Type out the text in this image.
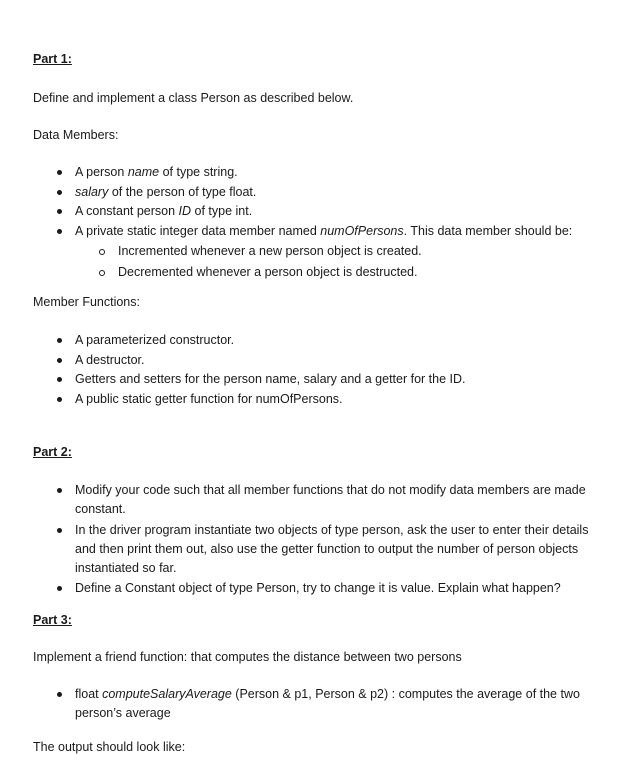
Part 1:
Define and implement a class Person as described below.
Data Members:
A person name of type string.
salary of the person of type float.
A constant person ID of type int.
A private static integer data member named numOfPersons. This data member should be:
Incremented whenever a new person object is created.
Decremented whenever a person object is destructed.
Member Functions:
A parameterized constructor.
A destructor.
Getters and setters for the person name, salary and a getter for the ID.
A public static getter function for numOfPersons.
Part 2:
Modify your code such that all member functions that do not modify data members are made constant.
In the driver program instantiate two objects of type person, ask the user to enter their details and then print them out, also use the getter function to output the number of person objects instantiated so far.
Define a Constant object of type Person, try to change it is value. Explain what happen?
Part 3:
Implement a friend function: that computes the distance between two persons
float computeSalaryAverage (Person & p1, Person & p2) : computes the average of the two person’s average
The output should look like:
